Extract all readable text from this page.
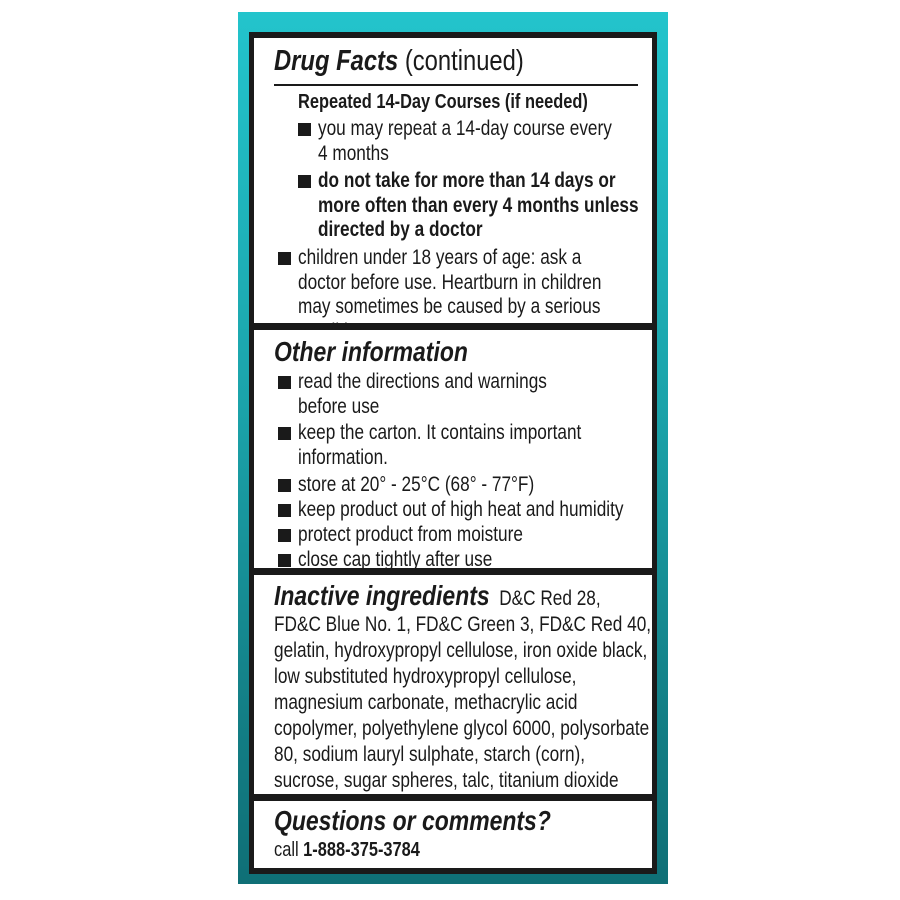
Drug Facts (continued)
Repeated 14-Day Courses (if needed)
you may repeat a 14-day course every
4 months
do not take for more than 14 days or
more often than every 4 months unless
directed by a doctor
children under 18 years of age: ask a
doctor before use. Heartburn in children
may sometimes be caused by a serious
Other information
read the directions and warnings
before use
keep the carton. It contains important
information.
store at 20° - 25°C (68° - 77°F)
keep product out of high heat and humidity
protect product from moisture
close cap tightly after use
Inactive ingredients D&C Red 28,
FD&C Blue No. 1, FD&C Green 3, FD&C Red 40,
gelatin, hydroxypropyl cellulose, iron oxide black,
low substituted hydroxypropyl cellulose,
magnesium carbonate, methacrylic acid
copolymer, polyethylene glycol 6000, polysorbate
80, sodium lauryl sulphate, starch (corn),
sucrose, sugar spheres, talc, titanium dioxide
Questions or comments?
call 1-888-375-3784
